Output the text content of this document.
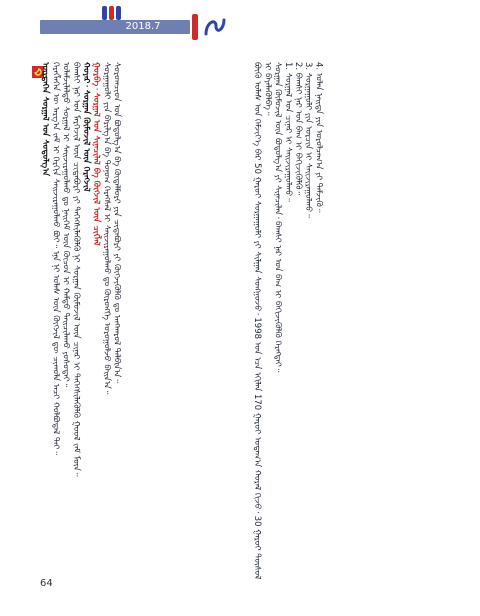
2018.7

ᠦᠷᠲᠡᠭᠡᠨ ᠰᠤᠷᠭᠠᠯ ᠤᠨ ᠰᠤᠳᠤᠯᠭ᠎ᠠ ᠬᠡᠷᠡᠭᠯᠡᠭᠡᠨ ᠦ ᠠᠷᠭ᠎ᠠ ᠵᠠᠮ ᠢ ᠬᠡᠷᠬᠢᠨ ᠰᠠᠢᠵᠢᠷᠠᠭᠤᠯᠬᠤ ᠪᠤᠢ᠃ ᠡᠨᠡ ᠨᠢ ᠤᠯᠠᠰ ᠦᠨ ᠬᠥᠭᠵᠢᠯ ᠳᠦ ᠴᠢᠬᠤᠯᠠ ᠠᠴᠢ ᠬᠣᠯᠪᠣᠳᠠᠯ ᠲᠠᠢ᠃ ᠤᠯᠠᠮᠵᠢᠯᠠᠯᠲᠤ ᠰᠤᠷᠭᠠᠯ ᠢ ᠰᠠᠢᠵᠢᠷᠠᠭᠤᠯᠬᠤ ᠳᠤ ᠨᠡᠢᠭᠡᠮ ᠦᠨ ᠬᠦᠴᠦᠨ ᠢ ᠬᠠᠮᠲᠤ ᠳᠠᠢᠴᠢᠯᠠᠬᠤ ᠶᠣᠰᠣᠲᠠᠢ᠃ ᠪᠠᠭᠰᠢ ᠨᠠᠷ ᠤᠨ ᠮᠡᠷᠭᠡᠵᠢᠯ ᠦᠨ ᠴᠢᠳᠠᠪᠤᠷᠢ ᠶᠢ ᠳᠡᠭᠡᠭᠰᠢᠯᠡᠭᠦᠯᠬᠦ ᠨᠢ ᠰᠤᠷᠭᠠᠨ ᠬᠦᠮᠦᠵᠢᠯ ᠦᠨ ᠴᠢᠨᠠᠷ ᠢ ᠳᠡᠭᠡᠭᠰᠢᠯᠡᠭᠦᠯᠬᠦ ᠭᠣᠣᠯ ᠵᠠᠮ ᠮᠥᠨ᠃ ᠬᠣᠶᠠᠷ᠂ ᠰᠤᠷᠭᠠᠨ ᠬᠦᠮᠦᠵᠢᠯ ᠦᠨ ᠬᠡᠷᠡᠭᠵᠢᠯ ᠭᠤᠷᠪᠠ᠂ ᠰᠤᠷᠭᠠᠯ ᠤᠨ ᠰᠢᠨᠡᠴᠢᠯᠡᠯ ᠪᠠ ᠬᠥᠭᠵᠢᠯ ᠦᠨ ᠴᠢᠭᠯᠡᠯ ᠰᠤᠷᠭᠠᠭᠤᠯᠢ ᠶᠢᠨ ᠪᠠᠷᠢᠯᠭ᠎ᠠ ᠪᠠ ᠲᠣᠨᠣᠭ ᠬᠡᠷᠡᠭᠰᠡᠯ ᠢ ᠰᠠᠢᠵᠢᠷᠠᠭᠤᠯᠬᠤ ᠳᠤ ᠬᠥᠷᠥᠩᠭᠡ ᠣᠷᠣᠭᠤᠯᠵᠤ ᠪᠠᠢᠨ᠎ᠠ᠃ ᠰᠤᠷᠤᠭᠴᠢᠳ ᠤᠨ ᠪᠣᠳᠤᠯᠭ᠎ᠠ ᠪᠠ ᠬᠥᠳᠡᠯᠮᠦᠷᠢ ᠶᠢᠨ ᠴᠢᠳᠠᠪᠤᠷᠢ ᠶᠢ ᠬᠥᠭᠵᠢᠭᠦᠯᠬᠦ ᠳᠤ ᠠᠨᠭᠬᠠᠷᠤᠯ ᠲᠠᠯᠪᠢᠨ᠎ᠠ᠃	ᠪᠦᠬᠦ ᠤᠯᠠᠰ ᠤᠨ ᠬᠡᠮᠵᠢᠶ᠎ᠡ ᠪᠡᠷ 50 ᠭᠠᠷᠤᠢ ᠰᠤᠷᠭᠠᠭᠤᠯᠢ ᠶᠢ ᠰᠢᠯᠭᠠᠨ ᠰᠣᠩᠭᠣᠵᠤ᠂ 1998 ᠣᠨ ᠡᠴᠡ ᠡᠬᠢᠯᠡᠨ 170 ᠭᠠᠷᠤᠢ ᠤᠳᠠᠭ᠎ᠠ ᠬᠤᠷᠠᠯ ᠬᠢᠵᠦ᠂ 30 ᠭᠠᠷᠤᠢ ᠲᠥᠰᠥᠯ ᠢ ᠪᠡᠶᠡᠯᠡᠭᠦᠯᠪᠡ᠃ ᠰᠤᠷᠭᠠᠨ ᠬᠦᠮᠦᠵᠢᠯ ᠦᠨ ᠪᠣᠳᠤᠯᠭ᠎ᠠ ᠶᠢ ᠰᠢᠨᠡᠴᠢᠯᠡᠨ᠂ ᠪᠠᠭᠰᠢ ᠨᠠᠷ ᠤᠨ ᠪᠠᠭ ᠢ ᠪᠡᠬᠢᠵᠢᠭᠦᠯᠬᠦ ᠬᠡᠷᠡᠭᠲᠡᠢ᠃ 1. ᠰᠤᠷᠭᠠᠯ ᠤᠨ ᠴᠢᠨᠠᠷ ᠢ ᠰᠠᠢᠵᠢᠷᠠᠭᠤᠯᠬᠤ᠃ 2. ᠪᠠᠭᠰᠢ ᠨᠠᠷ ᠤᠨ ᠪᠠᠭ ᠢ ᠪᠡᠬᠢᠵᠢᠭᠦᠯᠬᠦ᠃ 3. ᠰᠤᠷᠭᠠᠭᠤᠯᠢ ᠶᠢᠨ ᠣᠷᠴᠢᠨ ᠢ ᠰᠠᠢᠵᠢᠷᠠᠭᠤᠯᠬᠤ᠃ 4. ᠣᠯᠠᠨ ᠨᠡᠢᠲᠡ ᠶᠢᠨ ᠣᠷᠣᠯᠴᠠᠭ᠎ᠠ ᠶᠢ ᠳᠡᠮᠵᠢᠬᠦ᠃

64
